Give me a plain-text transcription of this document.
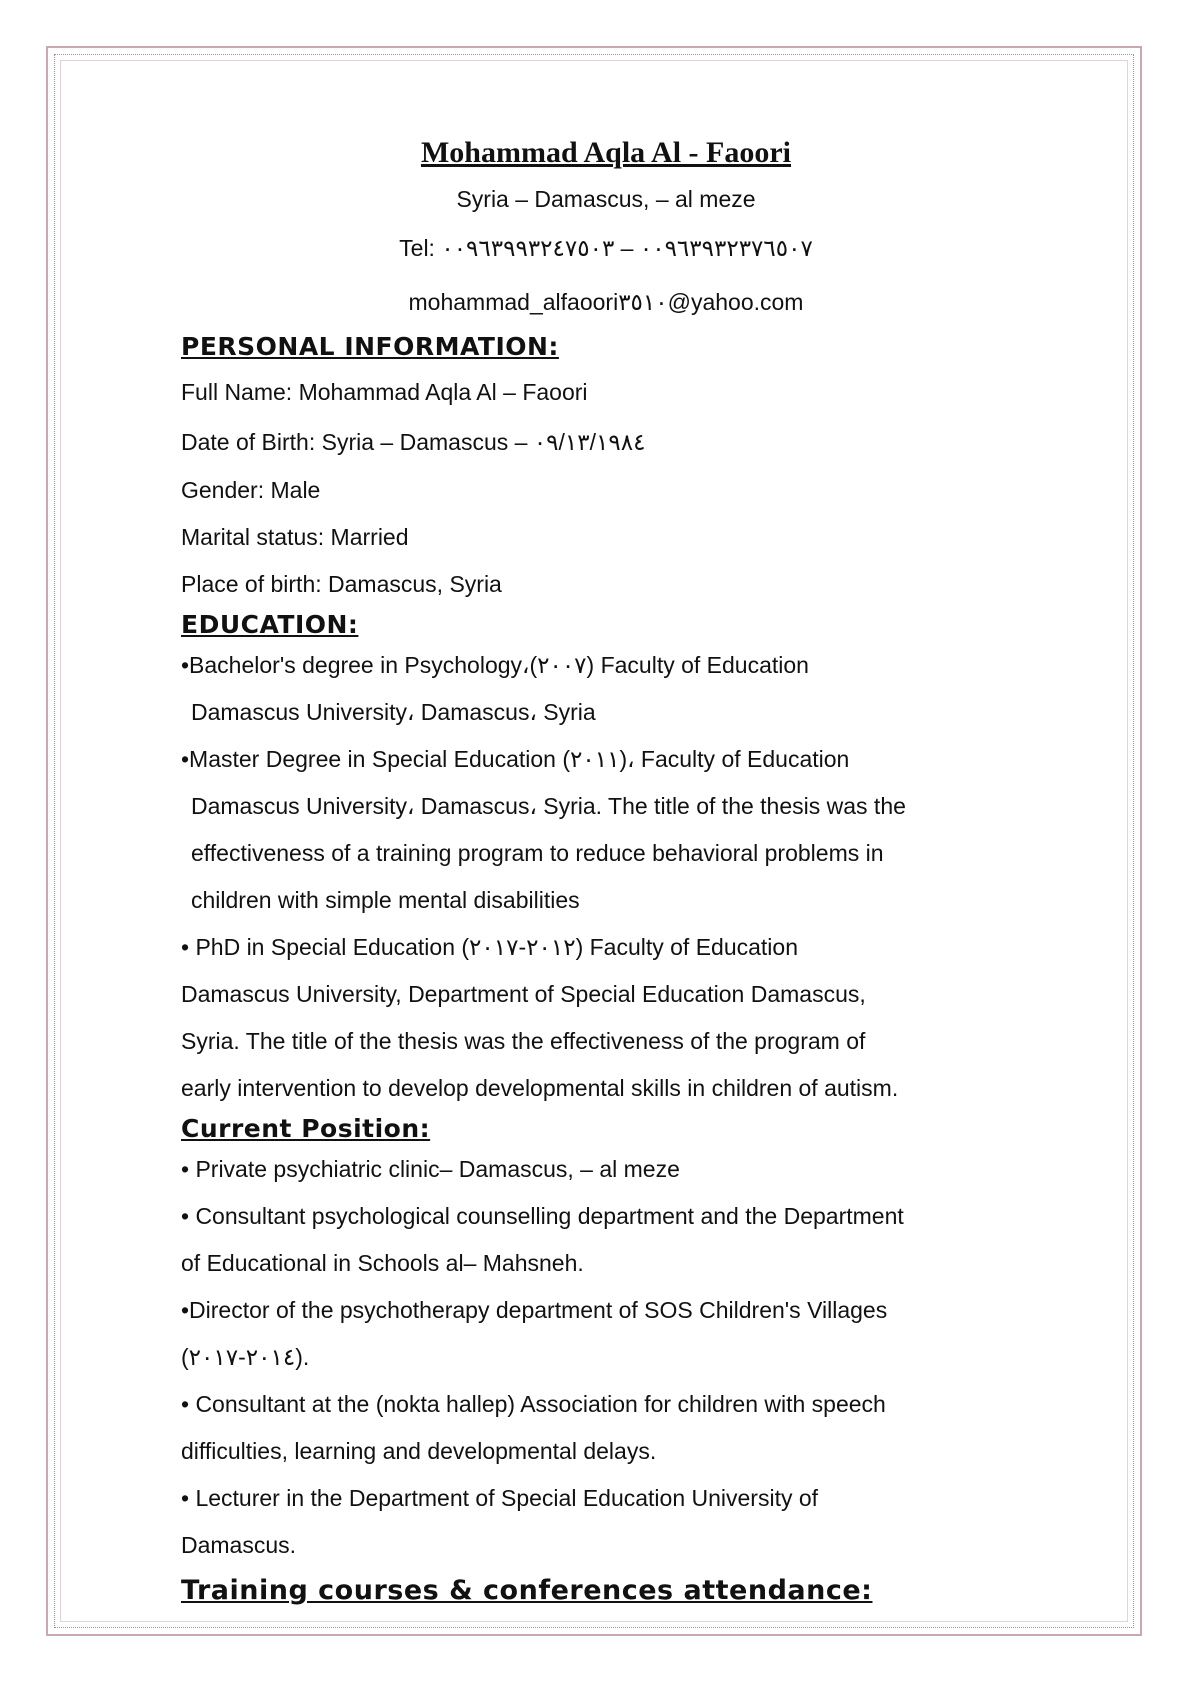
Mohammad Aqla Al - Faoori
Syria – Damascus, – al meze
Tel: ٠٠٩٦٣٩٣٢٣٧٦٥٠٧ – ٠٠٩٦٣٩٩٣٢٤٧٥٠٣
mohammad_alfaoori٣٥١٠@yahoo.com
PERSONAL INFORMATION:
Full Name: Mohammad Aqla Al – Faoori
Date of Birth: Syria – Damascus – ٠٩/١٣/١٩٨٤
Gender: Male
Marital status: Married
Place of birth: Damascus, Syria
EDUCATION:
•Bachelor's degree in Psychology،(٢٠٠٧) Faculty of Education
Damascus University، Damascus، Syria
•Master Degree in Special Education (٢٠١١)، Faculty of Education
Damascus University، Damascus، Syria. The title of the thesis was the
effectiveness of a training program to reduce behavioral problems in
children with simple mental disabilities
• PhD in Special Education (٢٠١٢-٢٠١٧) Faculty of Education
Damascus University, Department of Special Education Damascus,
Syria. The title of the thesis was the effectiveness of the program of
early intervention to develop developmental skills in children of autism.
Current Position:
• Private psychiatric clinic– Damascus, – al meze
• Consultant psychological counselling department and the Department
of Educational in Schools al– Mahsneh.
•Director of the psychotherapy department of SOS Children's Villages
(٢٠١٤-٢٠١٧).
• Consultant at the (nokta hallep) Association for children with speech
difficulties, learning and developmental delays.
• Lecturer in the Department of Special Education University of
Damascus.
Training courses & conferences attendance:
